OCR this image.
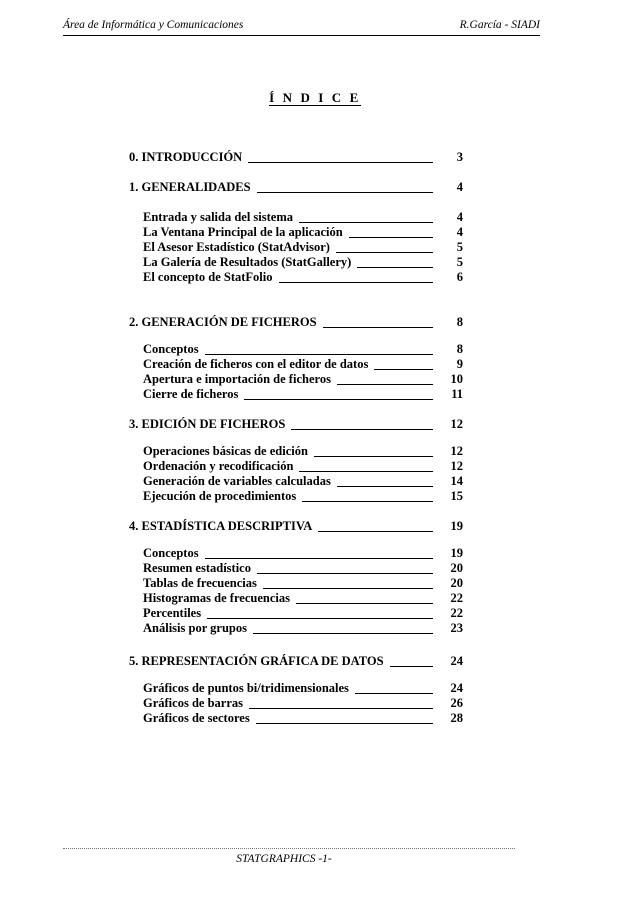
Área de Informática y Comunicaciones	R.García - SIADI
Í N D I C E
0. INTRODUCCIÓN	3
1. GENERALIDADES	4
Entrada y salida del sistema	4
La Ventana Principal de la aplicación	4
El Asesor Estadístico (StatAdvisor)	5
La Galería de Resultados (StatGallery)	5
El concepto de StatFolio	6
2. GENERACIÓN DE FICHEROS	8
Conceptos	8
Creación de ficheros con el editor de datos	9
Apertura e importación de ficheros	10
Cierre de ficheros	11
3. EDICIÓN DE FICHEROS	12
Operaciones básicas de edición	12
Ordenación y recodificación	12
Generación de variables calculadas	14
Ejecución de procedimientos	15
4. ESTADÍSTICA DESCRIPTIVA	19
Conceptos	19
Resumen estadístico	20
Tablas de frecuencias	20
Histogramas de frecuencias	22
Percentiles	22
Análisis por grupos	23
5. REPRESENTACIÓN GRÁFICA DE DATOS	24
Gráficos de puntos bi/tridimensionales	24
Gráficos de barras	26
Gráficos de sectores	28
STATGRAPHICS -1-
